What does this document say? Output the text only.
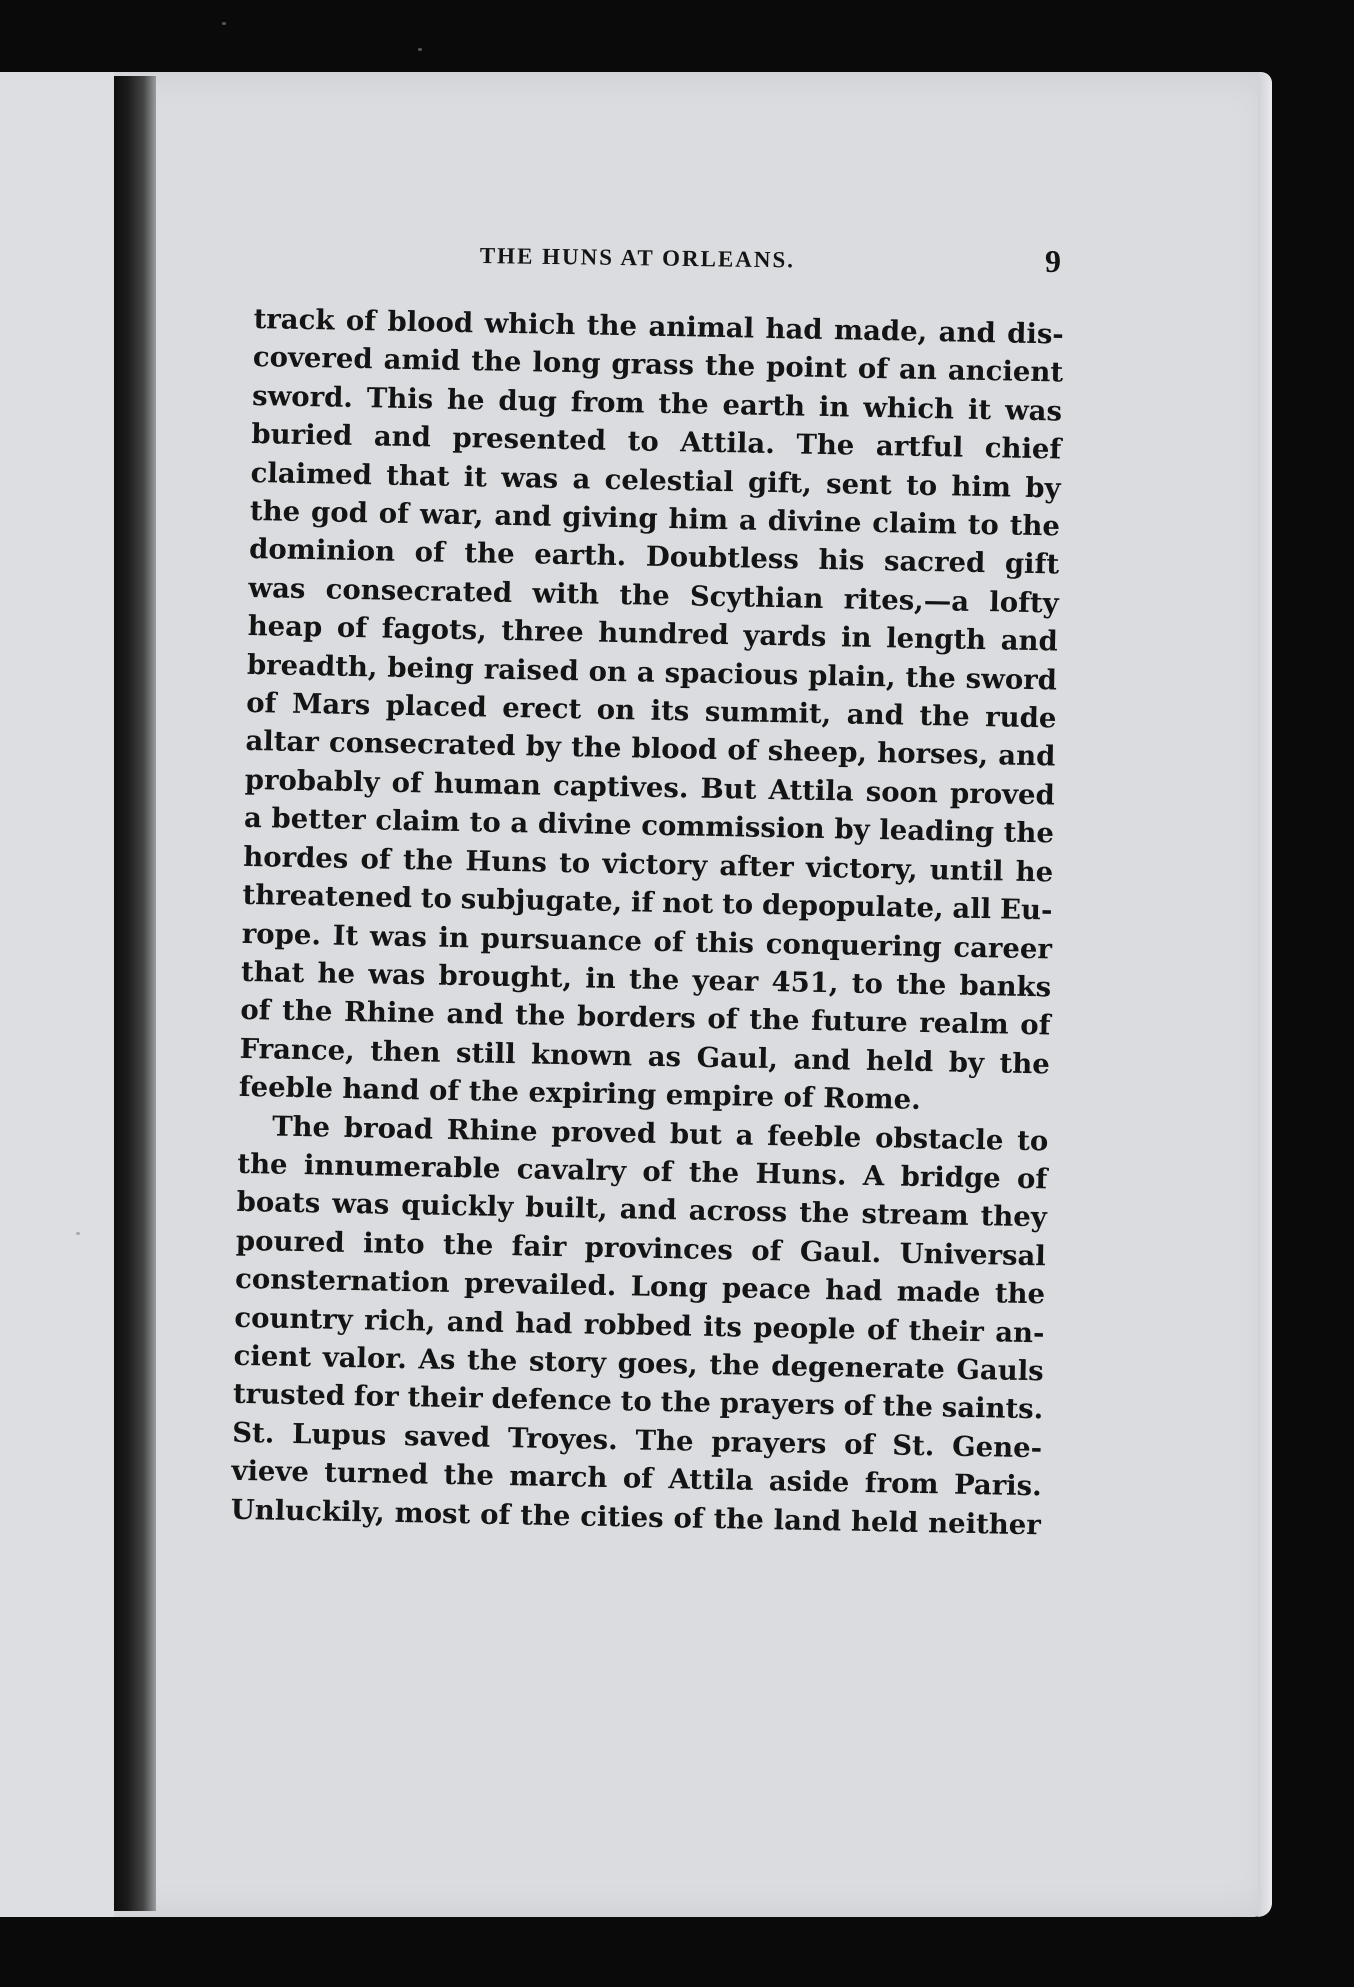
THE HUNS AT ORLEANS.	9

track of blood which the animal had made, and dis-
covered amid the long grass the point of an ancient
sword. This he dug from the earth in which it was
buried and presented to Attila. The artful chief
claimed that it was a celestial gift, sent to him by
the god of war, and giving him a divine claim to the
dominion of the earth. Doubtless his sacred gift
was consecrated with the Scythian rites,—a lofty
heap of fagots, three hundred yards in length and
breadth, being raised on a spacious plain, the sword
of Mars placed erect on its summit, and the rude
altar consecrated by the blood of sheep, horses, and
probably of human captives. But Attila soon proved
a better claim to a divine commission by leading the
hordes of the Huns to victory after victory, until he
threatened to subjugate, if not to depopulate, all Eu-
rope. It was in pursuance of this conquering career
that he was brought, in the year 451, to the banks
of the Rhine and the borders of the future realm of
France, then still known as Gaul, and held by the
feeble hand of the expiring empire of Rome.

The broad Rhine proved but a feeble obstacle to
the innumerable cavalry of the Huns. A bridge of
boats was quickly built, and across the stream they
poured into the fair provinces of Gaul. Universal
consternation prevailed. Long peace had made the
country rich, and had robbed its people of their an-
cient valor. As the story goes, the degenerate Gauls
trusted for their defence to the prayers of the saints.
St. Lupus saved Troyes. The prayers of St. Gene-
vieve turned the march of Attila aside from Paris.
Unluckily, most of the cities of the land held neither
